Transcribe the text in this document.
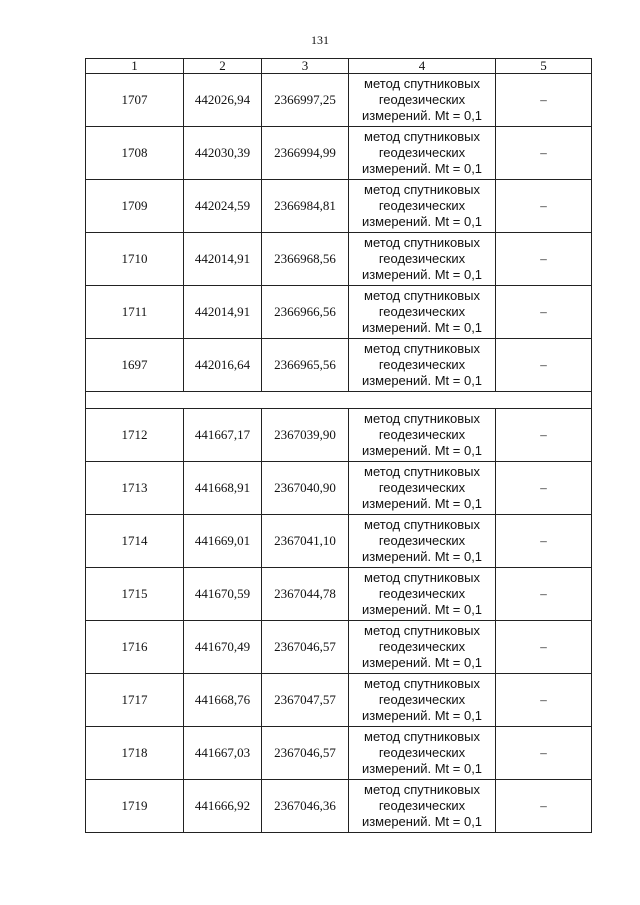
131
1	2	3	4	5
1707	442026,94	2366997,25	метод спутниковых
геодезических
измерений. Mt = 0,1	–
1708	442030,39	2366994,99	метод спутниковых
геодезических
измерений. Mt = 0,1	–
1709	442024,59	2366984,81	метод спутниковых
геодезических
измерений. Mt = 0,1	–
1710	442014,91	2366968,56	метод спутниковых
геодезических
измерений. Mt = 0,1	–
1711	442014,91	2366966,56	метод спутниковых
геодезических
измерений. Mt = 0,1	–
1697	442016,64	2366965,56	метод спутниковых
геодезических
измерений. Mt = 0,1	–

1712	441667,17	2367039,90	метод спутниковых
геодезических
измерений. Mt = 0,1	–
1713	441668,91	2367040,90	метод спутниковых
геодезических
измерений. Mt = 0,1	–
1714	441669,01	2367041,10	метод спутниковых
геодезических
измерений. Mt = 0,1	–
1715	441670,59	2367044,78	метод спутниковых
геодезических
измерений. Mt = 0,1	–
1716	441670,49	2367046,57	метод спутниковых
геодезических
измерений. Mt = 0,1	–
1717	441668,76	2367047,57	метод спутниковых
геодезических
измерений. Mt = 0,1	–
1718	441667,03	2367046,57	метод спутниковых
геодезических
измерений. Mt = 0,1	–
1719	441666,92	2367046,36	метод спутниковых
геодезических
измерений. Mt = 0,1	–
